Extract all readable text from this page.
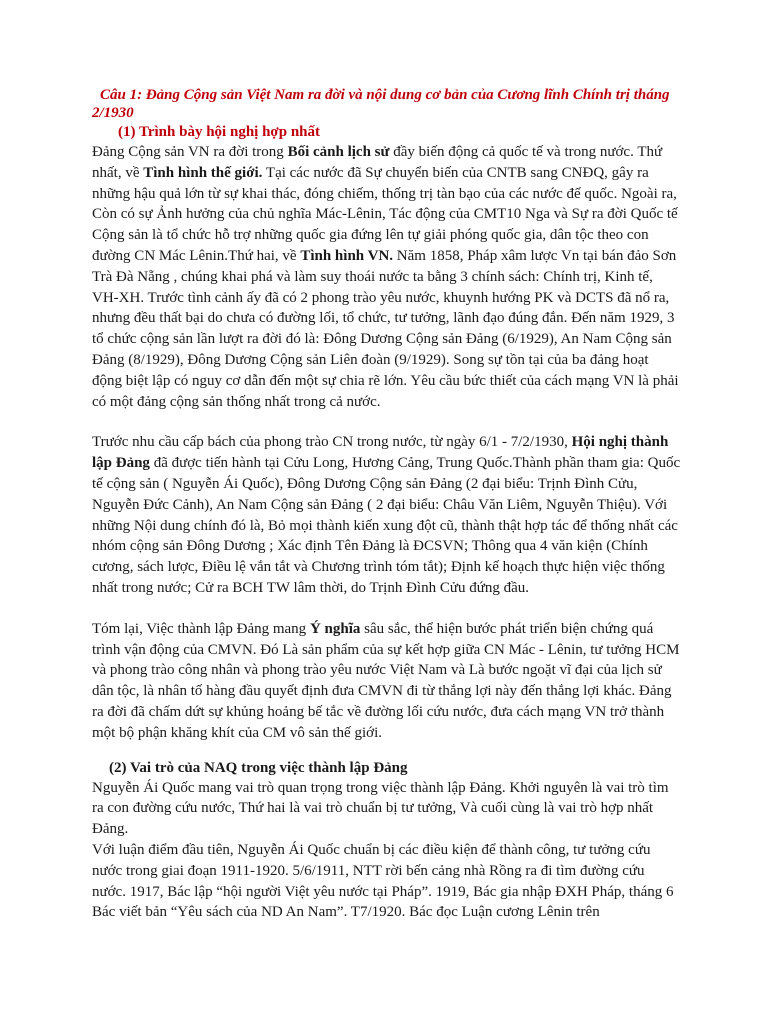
Câu 1: Đảng Cộng sản Việt Nam ra đời và nội dung cơ bản của Cương lĩnh Chính trị tháng 2/1930

(1) Trình bày hội nghị hợp nhất

Đảng Cộng sản VN ra đời trong Bối cảnh lịch sử đầy biến động cả quốc tế và trong nước. Thứ nhất, về Tình hình thế giới. Tại các nước đã Sự chuyển biến của CNTB sang CNĐQ, gây ra những hậu quả lớn từ sự khai thác, đóng chiếm, thống trị tàn bạo của các nước đế quốc. Ngoài ra, Còn có sự Ảnh hưởng của chủ nghĩa Mác-Lênin, Tác động của CMT10 Nga và Sự ra đời Quốc tế Cộng sản là tổ chức hỗ trợ những quốc gia đứng lên tự giải phóng quốc gia, dân tộc theo con đường CN Mác Lênin.Thứ hai, về Tình hình VN. Năm 1858, Pháp xâm lược Vn tại bán đảo Sơn Trà Đà Nẵng , chúng khai phá và làm suy thoái nước ta bằng 3 chính sách: Chính trị, Kinh tế, VH-XH. Trước tình cảnh ấy đã có 2 phong trào yêu nước, khuynh hướng PK và DCTS đã nổ ra, nhưng đều thất bại do chưa có đường lối, tổ chức, tư tưởng, lãnh đạo đúng đắn. Đến năm 1929, 3 tổ chức cộng sản lần lượt ra đời đó là: Đông Dương Cộng sản Đảng (6/1929), An Nam Cộng sản Đảng (8/1929), Đông Dương Cộng sản Liên đoàn (9/1929). Song sự tồn tại của ba đảng hoạt động biệt lập có nguy cơ dẫn đến một sự chia rẽ lớn. Yêu cầu bức thiết của cách mạng VN là phải có một đảng cộng sản thống nhất trong cả nước.

Trước nhu cầu cấp bách của phong trào CN trong nước, từ ngày 6/1 - 7/2/1930, Hội nghị thành lập Đảng đã được tiến hành tại Cửu Long, Hương Cảng, Trung Quốc.Thành phần tham gia: Quốc tế cộng sản ( Nguyễn Ái Quốc), Đông Dương Cộng sản Đảng (2 đại biểu: Trịnh Đình Cửu, Nguyễn Đức Cảnh), An Nam Cộng sản Đảng ( 2 đại biểu: Châu Văn Liêm, Nguyễn Thiệu). Với những Nội dung chính đó là, Bỏ mọi thành kiến xung đột cũ, thành thật hợp tác để thống nhất các nhóm cộng sản Đông Dương ; Xác định Tên Đảng là ĐCSVN; Thông qua 4 văn kiện (Chính cương, sách lược, Điều lệ vắn tắt và Chương trình tóm tắt); Định kế hoạch thực hiện việc thống nhất trong nước; Cử ra BCH TW lâm thời, do Trịnh Đình Cửu đứng đầu.

Tóm lại, Việc thành lập Đảng mang Ý nghĩa sâu sắc, thể hiện bước phát triển biện chứng quá trình vận động của CMVN. Đó Là sản phẩm của sự kết hợp giữa CN Mác - Lênin, tư tưởng HCM và phong trào công nhân và phong trào yêu nước Việt Nam và Là bước ngoặt vĩ đại của lịch sử dân tộc, là nhân tố hàng đầu quyết định đưa CMVN đi từ thắng lợi này đến thắng lợi khác. Đảng ra đời đã chấm dứt sự khủng hoảng bế tắc về đường lối cứu nước, đưa cách mạng VN trở thành một bộ phận khăng khít của CM vô sản thế giới.

(2) Vai trò của NAQ trong việc thành lập Đảng

Nguyễn Ái Quốc mang vai trò quan trọng trong việc thành lập Đảng. Khởi nguyên là vai trò tìm ra con đường cứu nước, Thứ hai là vai trò chuẩn bị tư tưởng, Và cuối cùng là vai trò hợp nhất Đảng.

Với luận điểm đầu tiên, Nguyễn Ái Quốc chuẩn bị các điều kiện để thành công, tư tưởng cứu nước trong giai đoạn 1911-1920. 5/6/1911, NTT rời bến cảng nhà Rồng ra đi tìm đường cứu nước. 1917, Bác lập “hội người Việt yêu nước tại Pháp”. 1919, Bác gia nhập ĐXH Pháp, tháng 6 Bác viết bản “Yêu sách của ND An Nam”. T7/1920. Bác đọc Luận cương Lênin trên
